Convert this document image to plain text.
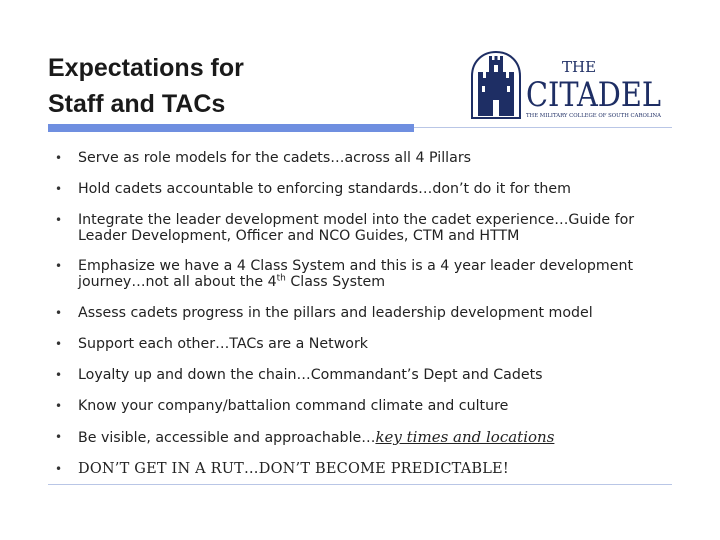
Expectations for
Staff and TACs
THE
CITADEL
THE MILITARY COLLEGE OF SOUTH CAROLINA
• Serve as role models for the cadets…across all 4 Pillars
• Hold cadets accountable to enforcing standards…don’t do it for them
• Integrate the leader development model into the cadet experience…Guide for Leader Development, Officer and NCO Guides, CTM and HTTM
• Emphasize we have a 4 Class System and this is a 4 year leader development journey…not all about the 4th Class System
• Assess cadets progress in the pillars and leadership development model
• Support each other…TACs are a Network
• Loyalty up and down the chain…Commandant’s Dept and Cadets
• Know your company/battalion command climate and culture
• Be visible, accessible and approachable…key times and locations
• DON’T GET IN A RUT…DON’T BECOME PREDICTABLE!
